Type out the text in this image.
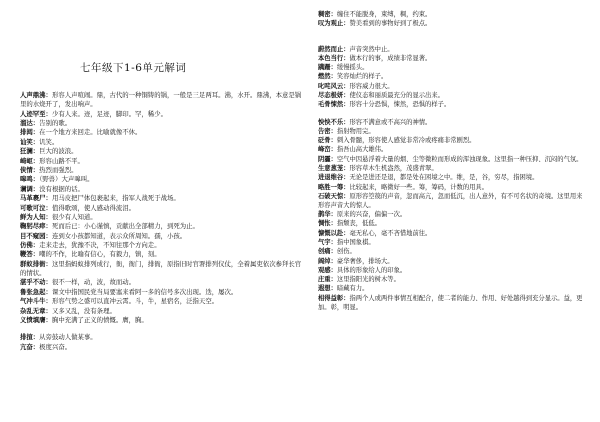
七年级下1-6单元解词
人声鼎沸：形容人声喧闹。鼎，古代的一种铜铸的锅，一般是三足两耳。沸，水开。鼎沸，本意是锅里的水烧开了，发出响声。
人迹罕至：少有人来。迹，足迹，脚印。罕，稀少。
溜达：告别的歌。
排闼：在一个地方来回走。比喻就像不休。
讪笑：讥笑。
狂澜：巨大的波浪。
崎岖：形容山路不平。
侠情：热烈而强烈。
嗥鸣：（野兽）大声嗥叫。
谰调：没有根据的话。
马革裹尸：用马皮把尸体包裹起来，指军人战死于战场。
可歌可泣：值得歌颂，使人感动得流泪。
鲜为人知：很少有人知道。
鞠躬尽瘁：死而后已：小心谨慎，贡献出全部精力，到死为止。
目不窥园：连到女小孩都知道，表示众所周知。孺，小孩。
仿佛：走来走去，犹豫不决，不知往那个方向走。
鞭答：嘲的不作，比喻有信心，有毅力，镇，刻。
群蚁排衙：这里指蚂蚁排列成行，衙，衙门，排衙，原指旧时官署排列仪仗，全着属吏依次参拜长官的情状。
湛乎不动：很不一样，动，波，故而动。
鲁张急起：课文中指国民党当局要塞来看阿一多的信号多次出现。迭，屡次。
气冲斗牛：形容气势之盛可以直冲云霄。斗，牛，星宿名，泛指天空。
杂乱无章：又多又乱，没有条理。
义愤填膺：胸中充满了正义的愤慨。膺，胸。
排揎：从旁鼓动人做某事。
亢奋：极度兴奋。
稠密：缠住不能脱身，束缚，稠，约束。
叹为观止：赞美看到的事物好到了极点。
蔚然而止：声音突然中止。
本色当行：做本行的事，成绩非常显著。
蹒跚：缓慢摇头。
燃然：笑容灿烂的样子。
叱咤风云：形容威力很大。
尽态极妍：使仪态和丽质最充分的显示出来。
毛骨悚然：形容十分恐惧，悚然，恐惧的样子。
怏怏不乐：形容不满意或不高兴的神情。
告密：指射物用完。
砭骨：刺入骨髓，形容使人感觉非常冷或疼痛非常剧烈。
峰峦：指吾山高大雄伟。
阴霾：空气中因悬浮着大量的烟、尘等微粒而形成的浑浊现象。这里指一种压抑、沉闷的气氛。
生意葱茏：形容草木生机盎然，茂盛青翠。
进退维谷：无论是进还是退，都是处在困境之中。维，是，谷，穷尽，指困境。
略胜一筹：比较起来，略微好一些。筹，筹码，计数的用具。
石破天惊：原形容箜篌的声音，忽而高亢，忽而低沉，出人意外，有不可名状的奇境。这里用来形容声音大的惊人。
鹊华：原来的兴奋，偏偏一次。
惆怅：指颓丧，低低。
慷慨以赴：毫无私心，毫不吝惜地前往。
气宇：指中国象棋。
创痛：创伤。
阔绰：豪华奢侈，排场大。
观感：具体的形象给人的印象。
庄重：这里指阳光的树木等。
遐想：暗藏有力。
相得益彰：指两个人或两件事情互相配合，使二者的能力、作用、好处越得到充分显示。益，更加。彰，明显。
